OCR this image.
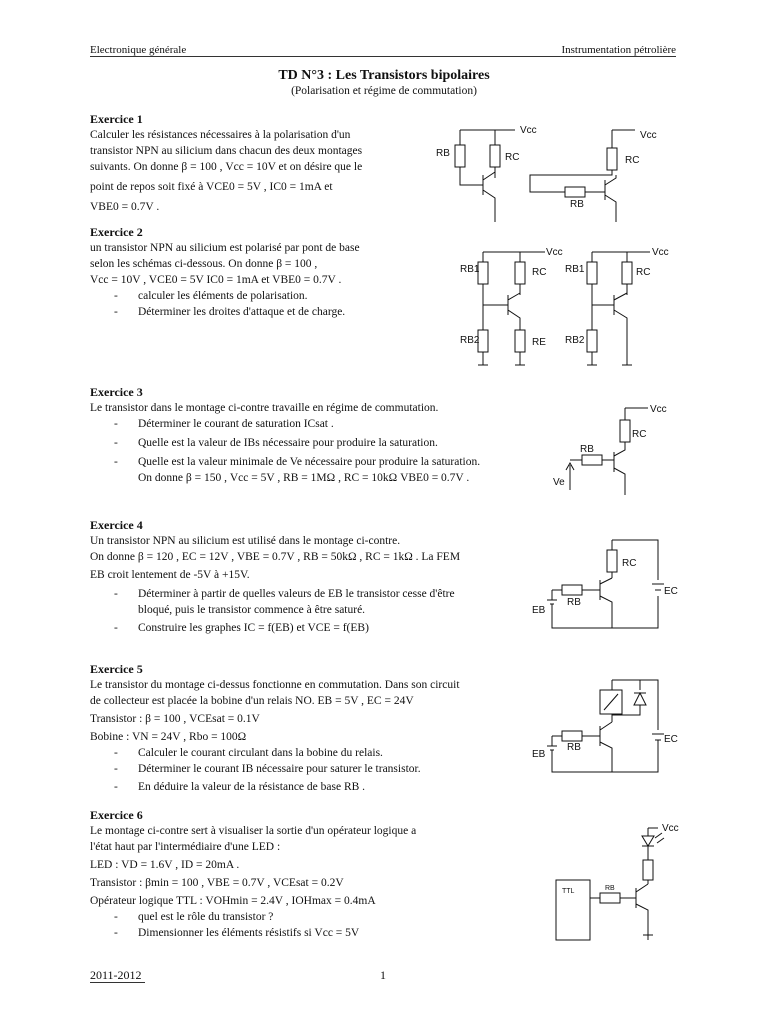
Electronique générale	Instrumentation pétrolière
TD N°3 : Les Transistors bipolaires
(Polarisation et régime de commutation)
Exercice 1

Calculer les résistances nécessaires à la polarisation d'un

transistor NPN au silicium dans chacun des deux montages

suivants. On donne β = 100 , Vcc = 10V et on désire que le

point de repos soit fixé à VCE0 = 5V , IC0 = 1mA et

VBE0 = 0.7V .

Exercice 2

un transistor NPN au silicium est polarisé par pont de base

selon les schémas ci-dessous. On donne β = 100 ,

Vcc = 10V , VCE0 = 5V IC0 = 1mA et VBE0 = 0.7V .

- calculer les éléments de polarisation.
- Déterminer les droites d'attaque et de charge.
Exercice 3

Le transistor dans le montage ci-contre travaille en régime de commutation.

- Déterminer le courant de saturation ICsat .
- Quelle est la valeur de IBs nécessaire pour produire la saturation.
- Quelle est la valeur minimale de Ve nécessaire pour produire la saturation.
On donne β = 150 , Vcc = 5V , RB = 1MΩ , RC = 10kΩ VBE0 = 0.7V .
Exercice 4

Un transistor NPN au silicium est utilisé dans le montage ci-contre.

On donne β = 120 , EC = 12V , VBE = 0.7V , RB = 50kΩ , RC = 1kΩ . La FEM

EB croit lentement de -5V à +15V.

- Déterminer à partir de quelles valeurs de EB le transistor cesse d'être
bloqué, puis le transistor commence à être saturé.
- Construire les graphes IC = f(EB) et VCE = f(EB)
Exercice 5

Le transistor du montage ci-dessus fonctionne en commutation. Dans son circuit

de collecteur est placée la bobine d'un relais NO. EB = 5V , EC = 24V

Transistor : β = 100 , VCEsat = 0.1V

Bobine : VN = 24V , Rbo = 100Ω

- Calculer le courant circulant dans la bobine du relais.
- Déterminer le courant IB nécessaire pour saturer le transistor.
- En déduire la valeur de la résistance de base RB .
Exercice 6

Le montage ci-contre sert à visualiser la sortie d'un opérateur logique a

l'état haut par l'intermédiaire d'une LED :

LED : VD = 1.6V , ID = 20mA .

Transistor : βmin = 100 , VBE = 0.7V , VCEsat = 0.2V

Opérateur logique TTL : VOHmin = 2.4V , IOHmax = 0.4mA

- quel est le rôle du transistor ?
- Dimensionner les éléments résistifs si Vcc = 5V
RB	RC
Vcc
RC
Vcc
RB
RB1	RC
Vcc
RB2	RE
RB1	RC
Vcc
RB2
RC
Vcc
RB
Ve
RC
RB
EB
EC
RB
EB
EC
Vcc
TTL	RB
2011-2012	1
